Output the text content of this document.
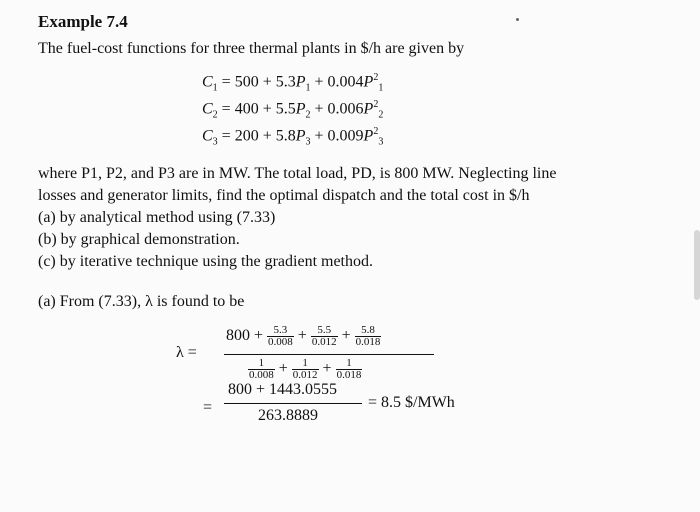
Example 7.4
The fuel-cost functions for three thermal plants in $/h are given by
$C_1 = 500 + 5.3P_1 + 0.004P^2_1$
$C_2 = 400 + 5.5P_2 + 0.006P^2_2$
$C_3 = 200 + 5.8P_3 + 0.009P^2_3$
where P1, P2, and P3 are in MW. The total load, PD, is 800 MW. Neglecting line
losses and generator limits, find the optimal dispatch and the total cost in $/h
(a) by analytical method using (7.33)
(b) by graphical demonstration.
(c) by iterative technique using the gradient method.
(a) From (7.33), λ is found to be
λ =
$800 + \frac{5.3}{0.008} + \frac{5.5}{0.012} + \frac{5.8}{0.018}$
$\frac{1}{0.008} + \frac{1}{0.012} + \frac{1}{0.018}$
=
800 + 1443.0555
263.8889
= 8.5 $/MWh
